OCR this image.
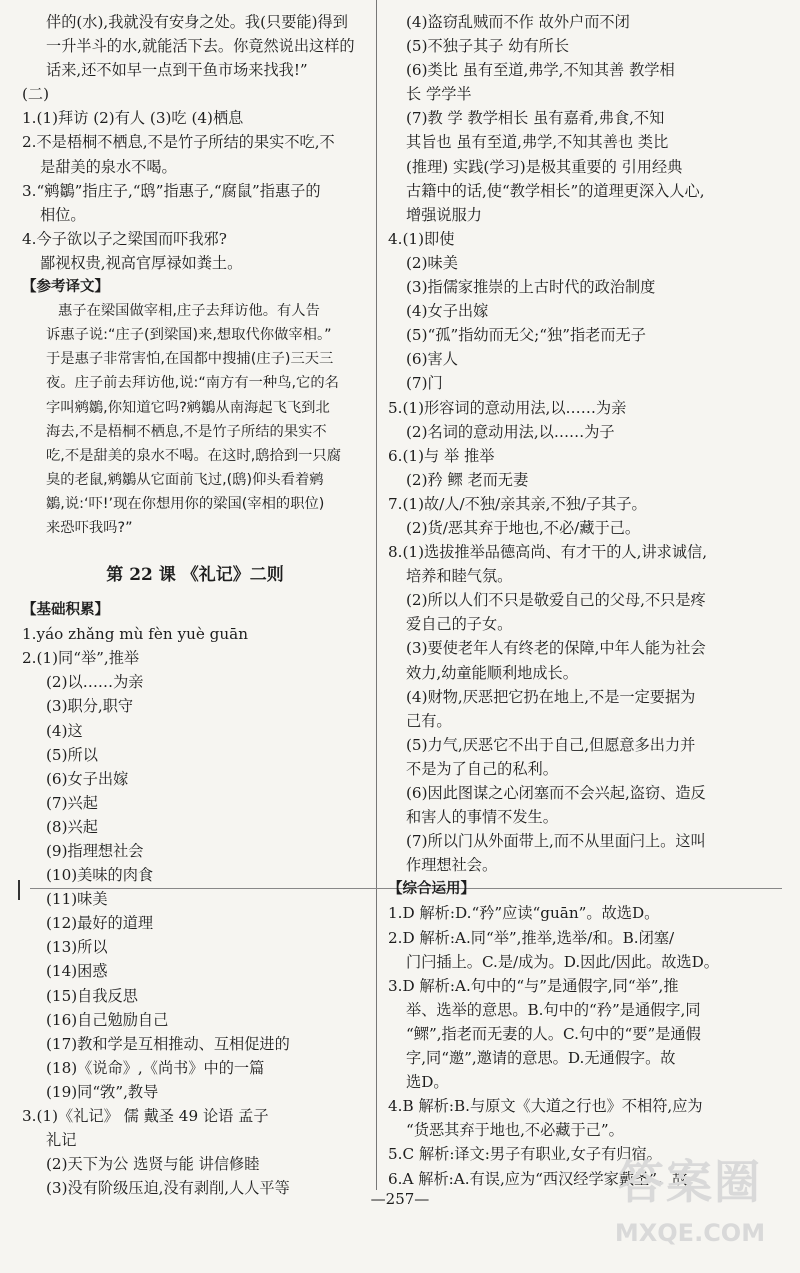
伴的(水),我就没有安身之处。我(只要能)得到
一升半斗的水,就能活下去。你竟然说出这样的
话来,还不如早一点到干鱼市场来找我!”
(二)
1.(1)拜访 (2)有人 (3)吃 (4)栖息
2.不是梧桐不栖息,不是竹子所结的果实不吃,不
是甜美的泉水不喝。
3.“鹓鶵”指庄子,“鸱”指惠子,“腐鼠”指惠子的
相位。
4.今子欲以子之梁国而吓我邪?
鄙视权贵,视高官厚禄如粪土。
【参考译文】
惠子在梁国做宰相,庄子去拜访他。有人告
诉惠子说:“庄子(到梁国)来,想取代你做宰相。”
于是惠子非常害怕,在国都中搜捕(庄子)三天三
夜。庄子前去拜访他,说:“南方有一种鸟,它的名
字叫鹓鶵,你知道它吗?鹓鶵从南海起飞飞到北
海去,不是梧桐不栖息,不是竹子所结的果实不
吃,不是甜美的泉水不喝。在这时,鸱拾到一只腐
臭的老鼠,鹓鶵从它面前飞过,(鸱)仰头看着鹓
鶵,说:‘吓!’现在你想用你的梁国(宰相的职位)
来恐吓我吗?”
第 22 课 《礼记》二则
【基础积累】
1.yáo zhǎng mù fèn yuè guān
2.(1)同“举”,推举
(2)以……为亲
(3)职分,职守
(4)这
(5)所以
(6)女子出嫁
(7)兴起
(8)兴起
(9)指理想社会
(10)美味的肉食
(11)味美
(12)最好的道理
(13)所以
(14)困惑
(15)自我反思
(16)自己勉励自己
(17)教和学是互相推动、互相促进的
(18)《说命》,《尚书》中的一篇
(19)同“敩”,教导
3.(1)《礼记》 儒 戴圣 49 论语 孟子
礼记
(2)天下为公 选贤与能 讲信修睦
(3)没有阶级压迫,没有剥削,人人平等
(4)盗窃乱贼而不作 故外户而不闭
(5)不独子其子 幼有所长
(6)类比 虽有至道,弗学,不知其善 教学相
长 学学半
(7)教 学 教学相长 虽有嘉肴,弗食,不知
其旨也 虽有至道,弗学,不知其善也 类比
(推理) 实践(学习)是极其重要的 引用经典
古籍中的话,使“教学相长”的道理更深入人心,
增强说服力
4.(1)即使
(2)味美
(3)指儒家推崇的上古时代的政治制度
(4)女子出嫁
(5)“孤”指幼而无父;“独”指老而无子
(6)害人
(7)门
5.(1)形容词的意动用法,以……为亲
(2)名词的意动用法,以……为子
6.(1)与 举 推举
(2)矜 鳏 老而无妻
7.(1)故/人/不独/亲其亲,不独/子其子。
(2)货/恶其弃于地也,不必/藏于己。
8.(1)选拔推举品德高尚、有才干的人,讲求诚信,
培养和睦气氛。
(2)所以人们不只是敬爱自己的父母,不只是疼
爱自己的子女。
(3)要使老年人有终老的保障,中年人能为社会
效力,幼童能顺利地成长。
(4)财物,厌恶把它扔在地上,不是一定要据为
己有。
(5)力气,厌恶它不出于自己,但愿意多出力并
不是为了自己的私利。
(6)因此图谋之心闭塞而不会兴起,盗窃、造反
和害人的事情不发生。
(7)所以门从外面带上,而不从里面闩上。这叫
作理想社会。
【综合运用】
1.D 解析:D.“矜”应读“guān”。故选D。
2.D 解析:A.同“举”,推举,选举/和。B.闭塞/
门闩插上。C.是/成为。D.因此/因此。故选D。
3.D 解析:A.句中的“与”是通假字,同“举”,推
举、选举的意思。B.句中的“矜”是通假字,同
“鳏”,指老而无妻的人。C.句中的“要”是通假
字,同“邀”,邀请的意思。D.无通假字。故
选D。
4.B 解析:B.与原文《大道之行也》不相符,应为
“货恶其弃于地也,不必藏于己”。
5.C 解析:译文:男子有职业,女子有归宿。
6.A 解析:A.有误,应为“西汉经学家戴圣”。故
—257—	答案圈
MXQE.COM
